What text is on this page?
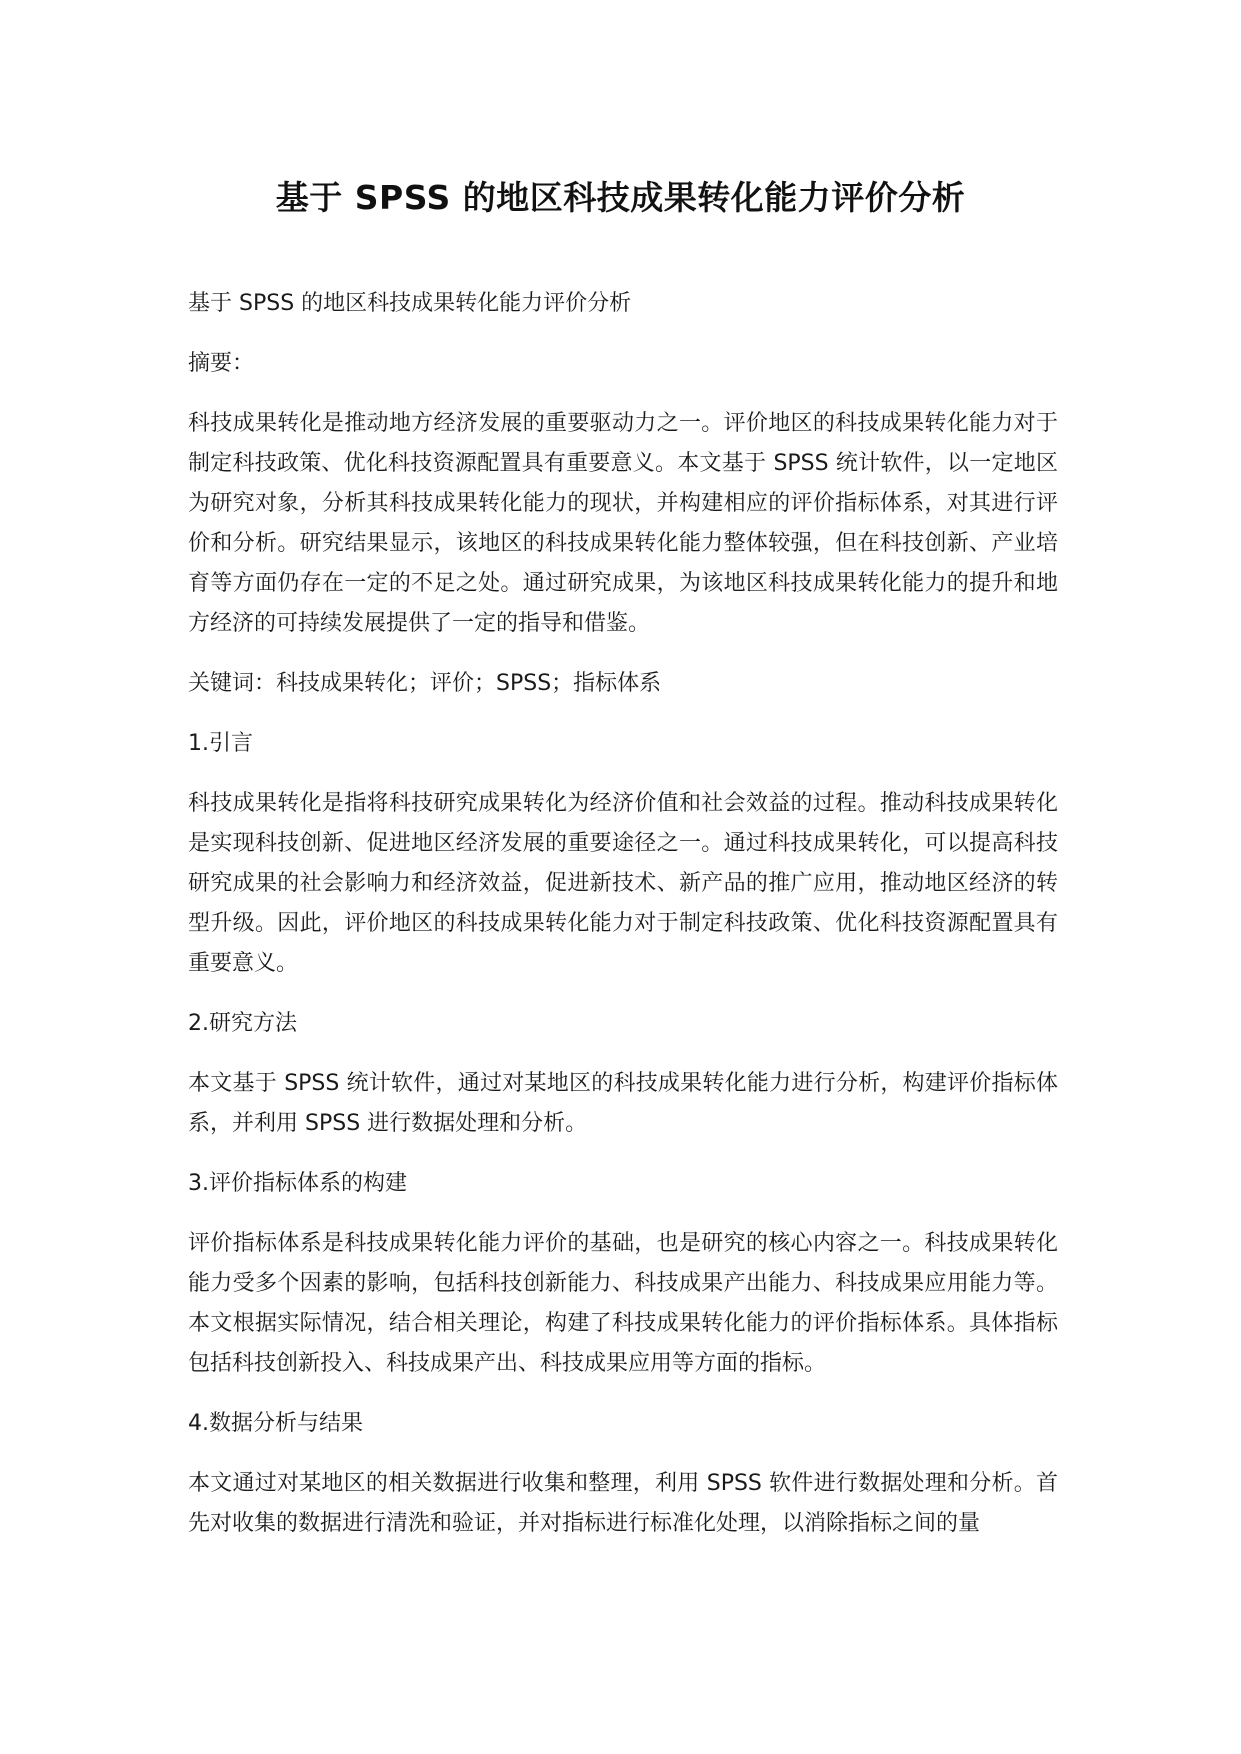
基于 SPSS 的地区科技成果转化能力评价分析

基于 SPSS 的地区科技成果转化能力评价分析

摘要：

科技成果转化是推动地方经济发展的重要驱动力之一。评价地区的科技成果转化能力对于制定科技政策、优化科技资源配置具有重要意义。本文基于 SPSS 统计软件，以一定地区为研究对象，分析其科技成果转化能力的现状，并构建相应的评价指标体系，对其进行评价和分析。研究结果显示，该地区的科技成果转化能力整体较强，但在科技创新、产业培育等方面仍存在一定的不足之处。通过研究成果，为该地区科技成果转化能力的提升和地方经济的可持续发展提供了一定的指导和借鉴。

关键词：科技成果转化；评价；SPSS；指标体系

1.引言

科技成果转化是指将科技研究成果转化为经济价值和社会效益的过程。推动科技成果转化是实现科技创新、促进地区经济发展的重要途径之一。通过科技成果转化，可以提高科技研究成果的社会影响力和经济效益，促进新技术、新产品的推广应用，推动地区经济的转型升级。因此，评价地区的科技成果转化能力对于制定科技政策、优化科技资源配置具有重要意义。

2.研究方法

本文基于 SPSS 统计软件，通过对某地区的科技成果转化能力进行分析，构建评价指标体系，并利用 SPSS 进行数据处理和分析。

3.评价指标体系的构建

评价指标体系是科技成果转化能力评价的基础，也是研究的核心内容之一。科技成果转化能力受多个因素的影响，包括科技创新能力、科技成果产出能力、科技成果应用能力等。本文根据实际情况，结合相关理论，构建了科技成果转化能力的评价指标体系。具体指标包括科技创新投入、科技成果产出、科技成果应用等方面的指标。

4.数据分析与结果

本文通过对某地区的相关数据进行收集和整理，利用 SPSS 软件进行数据处理和分析。首先对收集的数据进行清洗和验证，并对指标进行标准化处理，以消除指标之间的量
